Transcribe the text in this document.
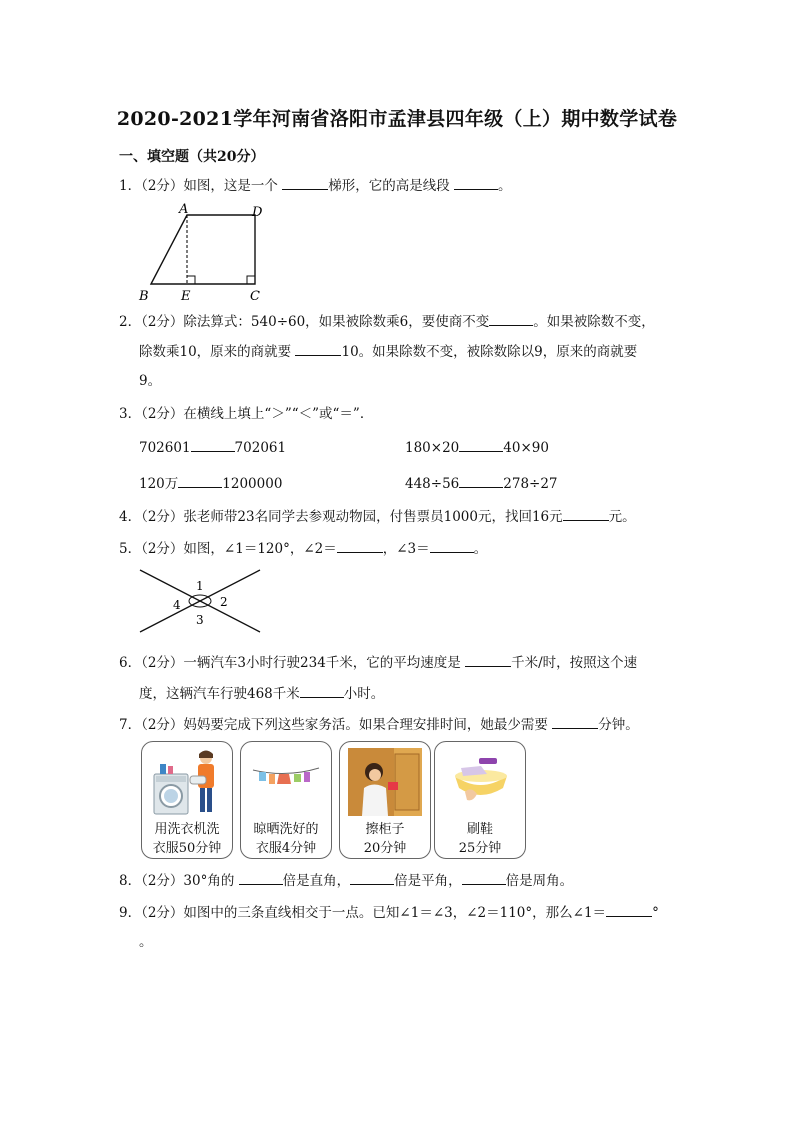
2020-2021学年河南省洛阳市孟津县四年级（上）期中数学试卷
一、填空题（共20分）
1．（2分）如图，这是一个	梯形，它的高是线段	。
A	D
B E	C
2．（2分）除法算式：540÷60，如果被除数乘6，要使商不变	。如果被除数不变，
除数乘10，原来的商就要	10。如果除数不变，被除数除以9，原来的商就要
9。
3．（2分）在横线上填上“＞”“＜”或“＝”．
702601	702061	180×20	40×90
120万	1200000	448÷56	278÷27
4．（2分）张老师带23名同学去参观动物园，付售票员1000元，找回16元	元。
5．（2分）如图，∠1＝120°，∠2＝	，∠3＝	。
1
2
3
4
6．（2分）一辆汽车3小时行驶234千米，它的平均速度是	千米/时，按照这个速
度，这辆汽车行驶468千米	小时。
7．（2分）妈妈要完成下列这些家务活。如果合理安排时间，她最少需要	分钟。
用洗衣机洗
衣服50分钟
晾晒洗好的
衣服4分钟
擦柜子
20分钟
刷鞋
25分钟
8．（2分）30°角的	倍是直角，	倍是平角，	倍是周角。
9．（2分）如图中的三条直线相交于一点。已知∠1＝∠3，∠2＝110°，那么∠1＝	°
。
